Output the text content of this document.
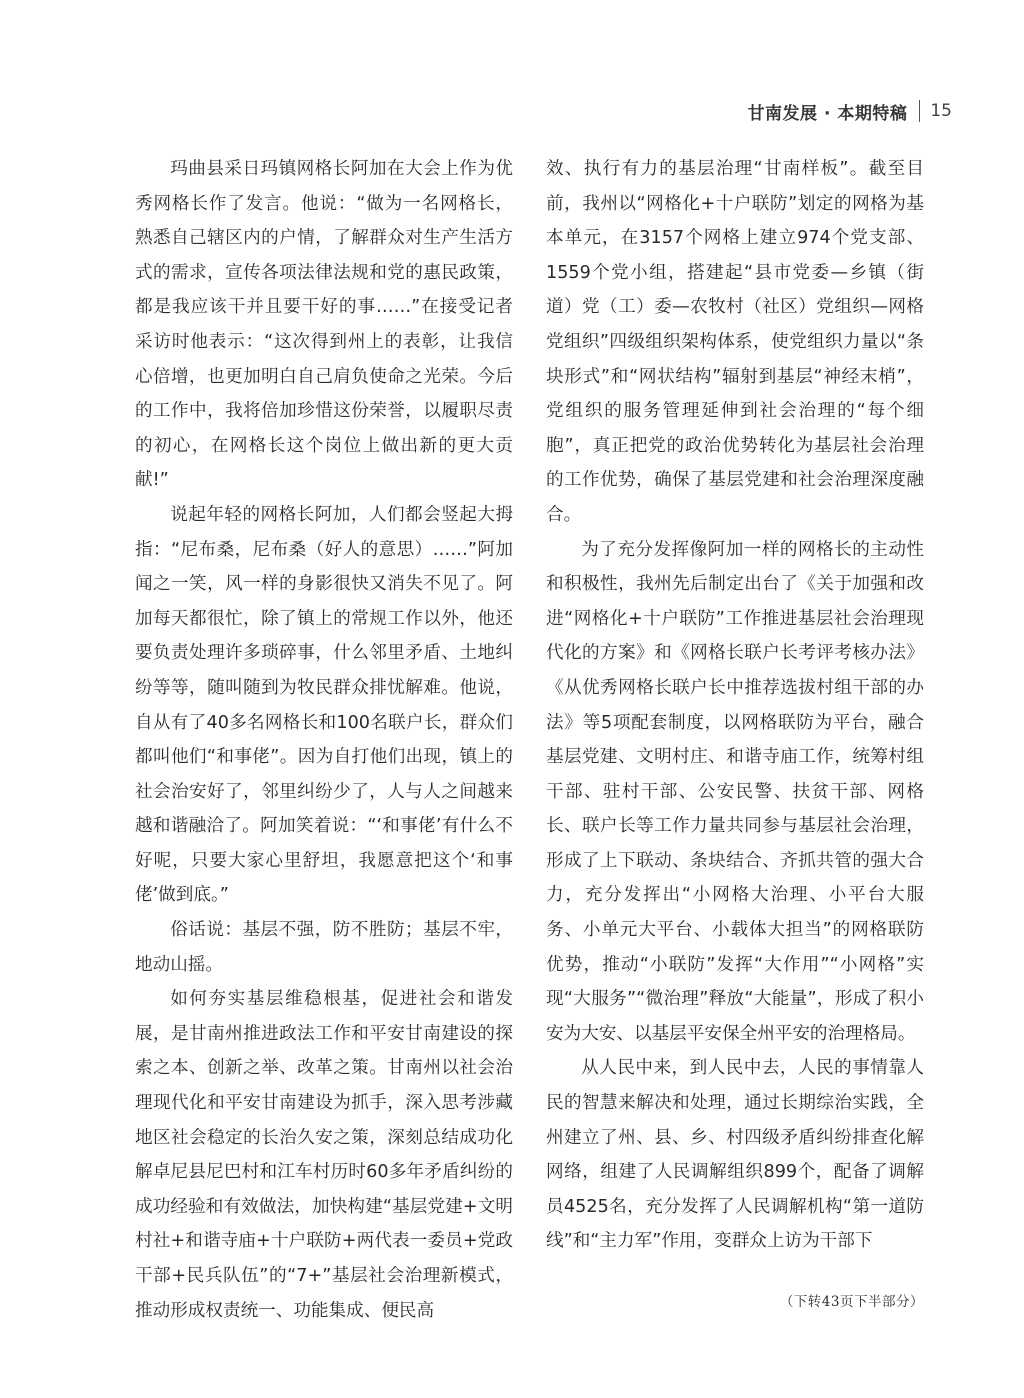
甘南发展 · 本期特稿 15

玛曲县采日玛镇网格长阿加在大会上作为优秀网格长作了发言。他说：“做为一名网格长，熟悉自己辖区内的户情，了解群众对生产生活方式的需求，宣传各项法律法规和党的惠民政策，都是我应该干并且要干好的事……”在接受记者采访时他表示：“这次得到州上的表彰，让我信心倍增，也更加明白自己肩负使命之光荣。今后的工作中，我将倍加珍惜这份荣誉，以履职尽责的初心，在网格长这个岗位上做出新的更大贡献!”

说起年轻的网格长阿加，人们都会竖起大拇指：“尼布桑，尼布桑（好人的意思）……”阿加闻之一笑，风一样的身影很快又消失不见了。阿加每天都很忙，除了镇上的常规工作以外，他还要负责处理许多琐碎事，什么邻里矛盾、土地纠纷等等，随叫随到为牧民群众排忧解难。他说，自从有了40多名网格长和100名联户长，群众们都叫他们“和事佬”。因为自打他们出现，镇上的社会治安好了，邻里纠纷少了，人与人之间越来越和谐融洽了。阿加笑着说：“‘和事佬’有什么不好呢，只要大家心里舒坦，我愿意把这个‘和事佬’做到底。”

俗话说：基层不强，防不胜防；基层不牢，地动山摇。

如何夯实基层维稳根基，促进社会和谐发展，是甘南州推进政法工作和平安甘南建设的探索之本、创新之举、改革之策。甘南州以社会治理现代化和平安甘南建设为抓手，深入思考涉藏地区社会稳定的长治久安之策，深刻总结成功化解卓尼县尼巴村和江车村历时60多年矛盾纠纷的成功经验和有效做法，加快构建“基层党建+文明村社+和谐寺庙+十户联防+两代表一委员+党政干部+民兵队伍”的“7+”基层社会治理新模式，推动形成权责统一、功能集成、便民高

效、执行有力的基层治理“甘南样板”。截至目前，我州以“网格化+十户联防”划定的网格为基本单元，在3157个网格上建立974个党支部、1559个党小组，搭建起“县市党委—乡镇（街道）党（工）委—农牧村（社区）党组织—网格党组织”四级组织架构体系，使党组织力量以“条块形式”和“网状结构”辐射到基层“神经末梢”，党组织的服务管理延伸到社会治理的“每个细胞”，真正把党的政治优势转化为基层社会治理的工作优势，确保了基层党建和社会治理深度融合。

为了充分发挥像阿加一样的网格长的主动性和积极性，我州先后制定出台了《关于加强和改进“网格化+十户联防”工作推进基层社会治理现代化的方案》和《网格长联户长考评考核办法》《从优秀网格长联户长中推荐选拔村组干部的办法》等5项配套制度，以网格联防为平台，融合基层党建、文明村庄、和谐寺庙工作，统筹村组干部、驻村干部、公安民警、扶贫干部、网格长、联户长等工作力量共同参与基层社会治理，形成了上下联动、条块结合、齐抓共管的强大合力，充分发挥出“小网格大治理、小平台大服务、小单元大平台、小载体大担当”的网格联防优势，推动“小联防”发挥“大作用”“小网格”实现“大服务”“微治理”释放“大能量”，形成了积小安为大安、以基层平安保全州平安的治理格局。

从人民中来，到人民中去，人民的事情靠人民的智慧来解决和处理，通过长期综治实践，全州建立了州、县、乡、村四级矛盾纠纷排查化解网络，组建了人民调解组织899个，配备了调解员4525名，充分发挥了人民调解机构“第一道防线”和“主力军”作用，变群众上访为干部下

（下转43页下半部分）
